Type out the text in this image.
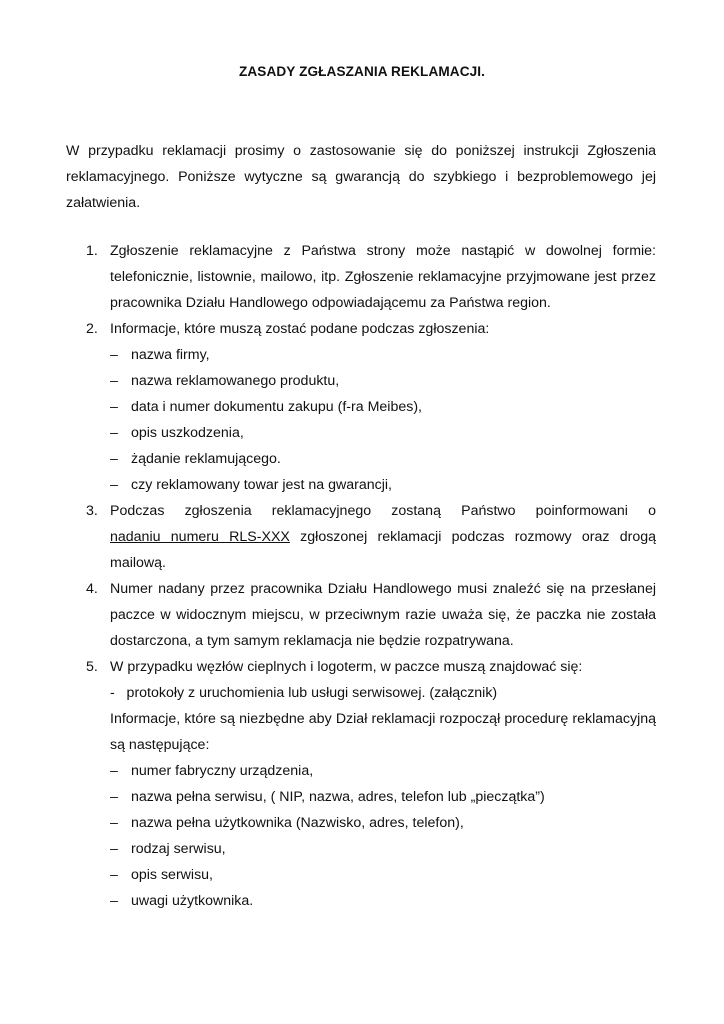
ZASADY ZGŁASZANIA REKLAMACJI.
W przypadku reklamacji prosimy o zastosowanie się do poniższej instrukcji Zgłoszenia reklamacyjnego. Poniższe wytyczne są gwarancją do szybkiego i bezproblemowego jej załatwienia.
1. Zgłoszenie reklamacyjne z Państwa strony może nastąpić w dowolnej formie: telefonicznie, listownie, mailowo, itp. Zgłoszenie reklamacyjne przyjmowane jest przez pracownika Działu Handlowego odpowiadającemu za Państwa region.
2. Informacje, które muszą zostać podane podczas zgłoszenia:
– nazwa firmy,
– nazwa reklamowanego produktu,
– data i numer dokumentu zakupu (f-ra Meibes),
– opis uszkodzenia,
– żądanie reklamującego.
– czy reklamowany towar jest na gwarancji,
3. Podczas zgłoszenia reklamacyjnego zostaną Państwo poinformowani o
nadaniu numeru RLS-XXX zgłoszonej reklamacji podczas rozmowy oraz drogą mailową.
4. Numer nadany przez pracownika Działu Handlowego musi znaleźć się na przesłanej paczce w widocznym miejscu, w przeciwnym razie uważa się, że paczka nie została dostarczona, a tym samym reklamacja nie będzie rozpatrywana.
5. W przypadku węzłów cieplnych i logoterm, w paczce muszą znajdować się:
-   protokoły z uruchomienia lub usługi serwisowej. (załącznik)
Informacje, które są niezbędne aby Dział reklamacji rozpoczął procedurę reklamacyjną są następujące:
– numer fabryczny urządzenia,
– nazwa pełna serwisu, ( NIP, nazwa, adres, telefon lub „pieczątka”)
– nazwa pełna użytkownika (Nazwisko, adres, telefon),
– rodzaj serwisu,
– opis serwisu,
– uwagi użytkownika.
